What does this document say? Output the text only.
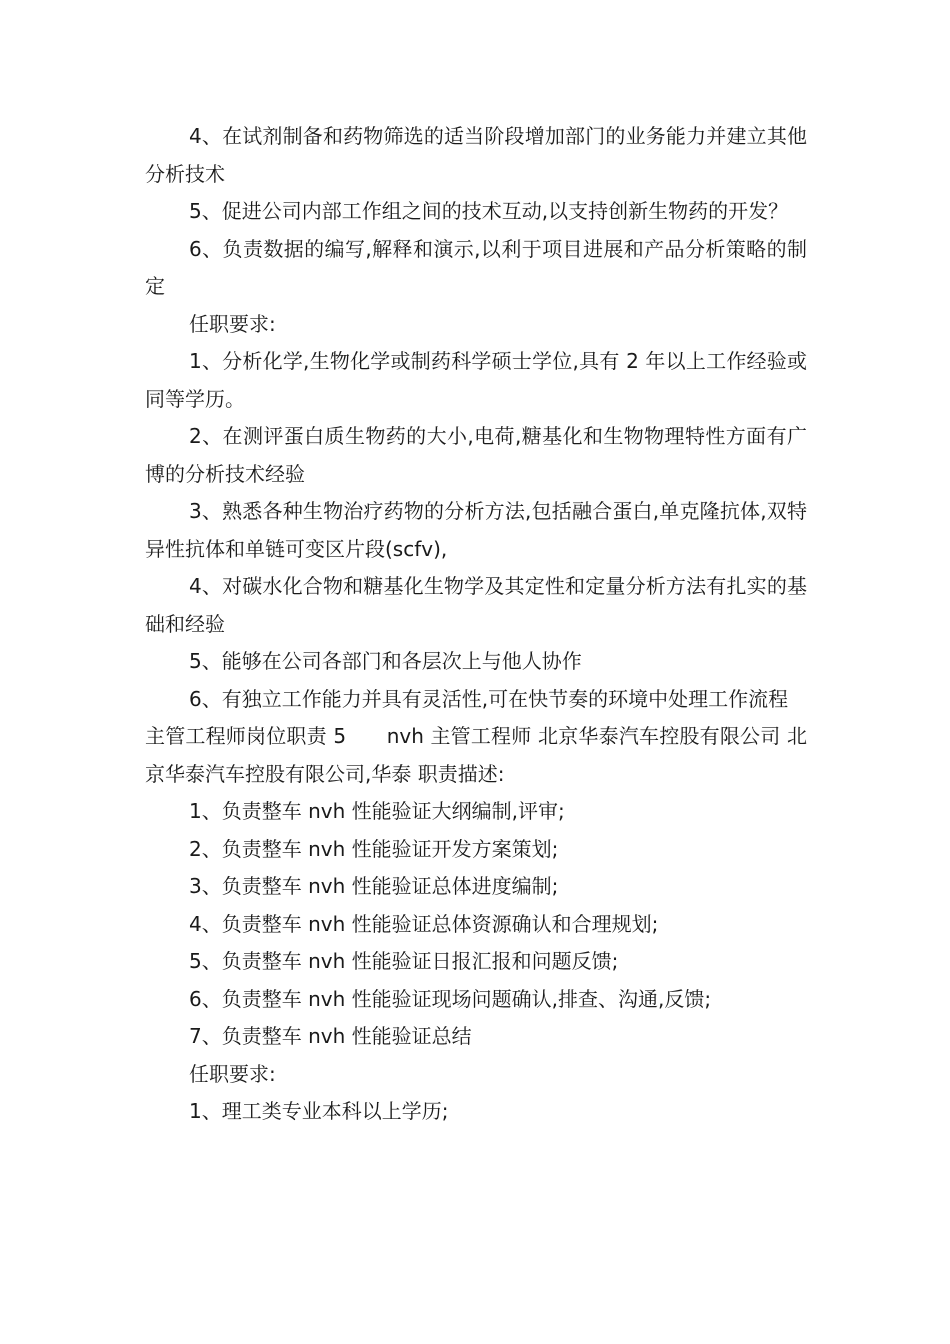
4、在试剂制备和药物筛选的适当阶段增加部门的业务能力并建立其他分析技术

5、促进公司内部工作组之间的技术互动,以支持创新生物药的开发？

6、负责数据的编写,解释和演示,以利于项目进展和产品分析策略的制定

任职要求:

1、分析化学,生物化学或制药科学硕士学位,具有 2 年以上工作经验或同等学历。

2、在测评蛋白质生物药的大小,电荷,糖基化和生物物理特性方面有广博的分析技术经验

3、熟悉各种生物治疗药物的分析方法,包括融合蛋白,单克隆抗体,双特异性抗体和单链可变区片段(scfv),

4、对碳水化合物和糖基化生物学及其定性和定量分析方法有扎实的基础和经验

5、能够在公司各部门和各层次上与他人协作

6、有独立工作能力并具有灵活性,可在快节奏的环境中处理工作流程

主管工程师岗位职责 5　　nvh 主管工程师 北京华泰汽车控股有限公司 北京华泰汽车控股有限公司,华泰 职责描述:

1、负责整车 nvh 性能验证大纲编制,评审;

2、负责整车 nvh 性能验证开发方案策划;

3、负责整车 nvh 性能验证总体进度编制;

4、负责整车 nvh 性能验证总体资源确认和合理规划;

5、负责整车 nvh 性能验证日报汇报和问题反馈;

6、负责整车 nvh 性能验证现场问题确认,排查、沟通,反馈;

7、负责整车 nvh 性能验证总结

任职要求:

1、理工类专业本科以上学历;
